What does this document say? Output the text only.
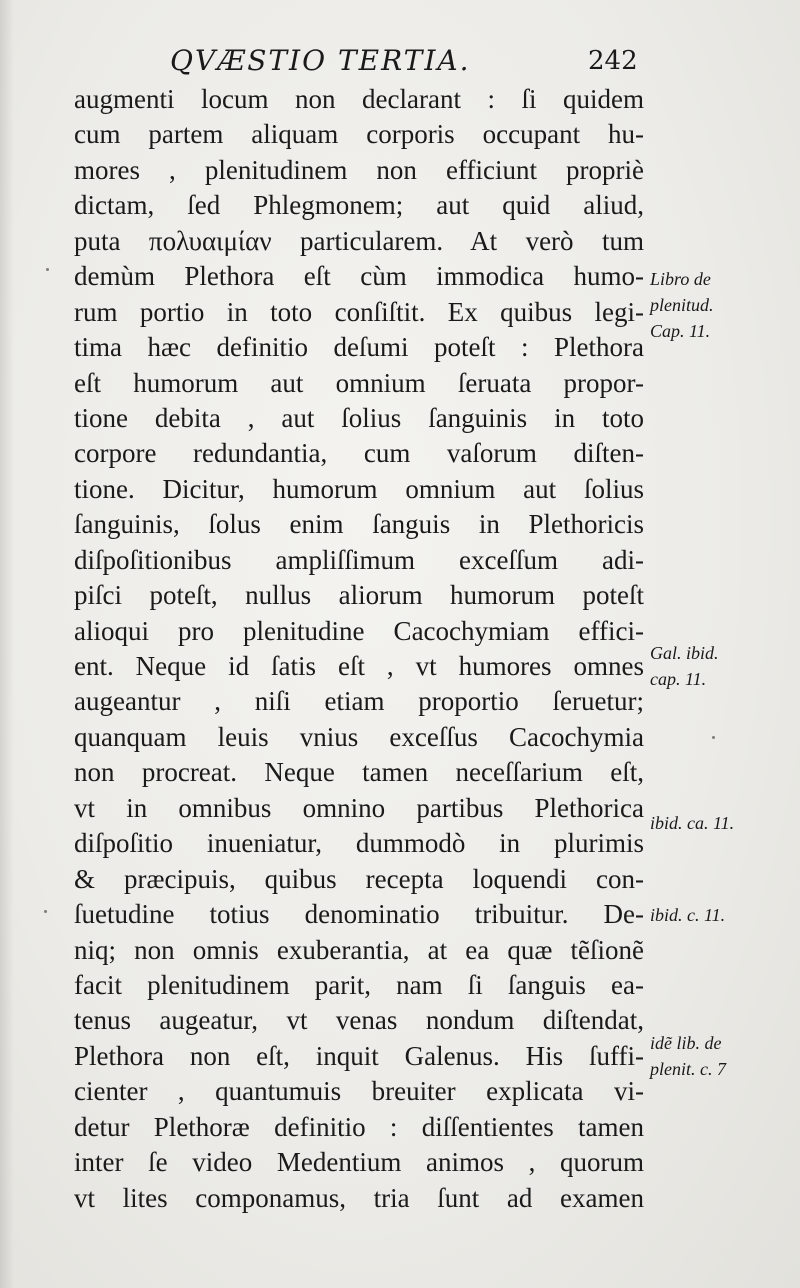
QVÆSTIO TERTIA.	242
augmenti locum non declarant : ſi quidem
cum partem aliquam corporis occupant hu-
mores , plenitudinem non efficiunt propriè
dictam, ſed Phlegmonem; aut quid aliud,
puta πολυαιμίαν particularem. At verò tum
demùm Plethora eſt cùm immodica humo-
rum portio in toto conſiſtit. Ex quibus legi-
tima hæc definitio deſumi poteſt : Plethora
eſt humorum aut omnium ſeruata propor-
tione debita , aut ſolius ſanguinis in toto
corpore redundantia, cum vaſorum diſten-
tione. Dicitur, humorum omnium aut ſolius
ſanguinis, ſolus enim ſanguis in Plethoricis
diſpoſitionibus ampliſſimum exceſſum adi-
piſci poteſt, nullus aliorum humorum poteſt
alioqui pro plenitudine Cacochymiam effici-
ent. Neque id ſatis eſt , vt humores omnes
augeantur , niſi etiam proportio ſeruetur;
quanquam leuis vnius exceſſus Cacochymia
non procreat. Neque tamen neceſſarium eſt,
vt in omnibus omnino partibus Plethorica
diſpoſitio inueniatur, dummodò in plurimis
& præcipuis, quibus recepta loquendi con-
ſuetudine totius denominatio tribuitur. De-
niq; non omnis exuberantia, at ea quæ tẽſionẽ
facit plenitudinem parit, nam ſi ſanguis ea-
tenus augeatur, vt venas nondum diſtendat,
Plethora non eſt, inquit Galenus. His ſuffi-
cienter , quantumuis breuiter explicata vi-
detur Plethoræ definitio : diſſentientes tamen
inter ſe video Medentium animos , quorum
vt lites componamus, tria ſunt ad examen
Libro de
plenitud.
Cap. 11.
Gal. ibid.
cap. 11.
ibid. ca. 11.
ibid. c. 11.
idẽ lib. de
plenit. c. 7
